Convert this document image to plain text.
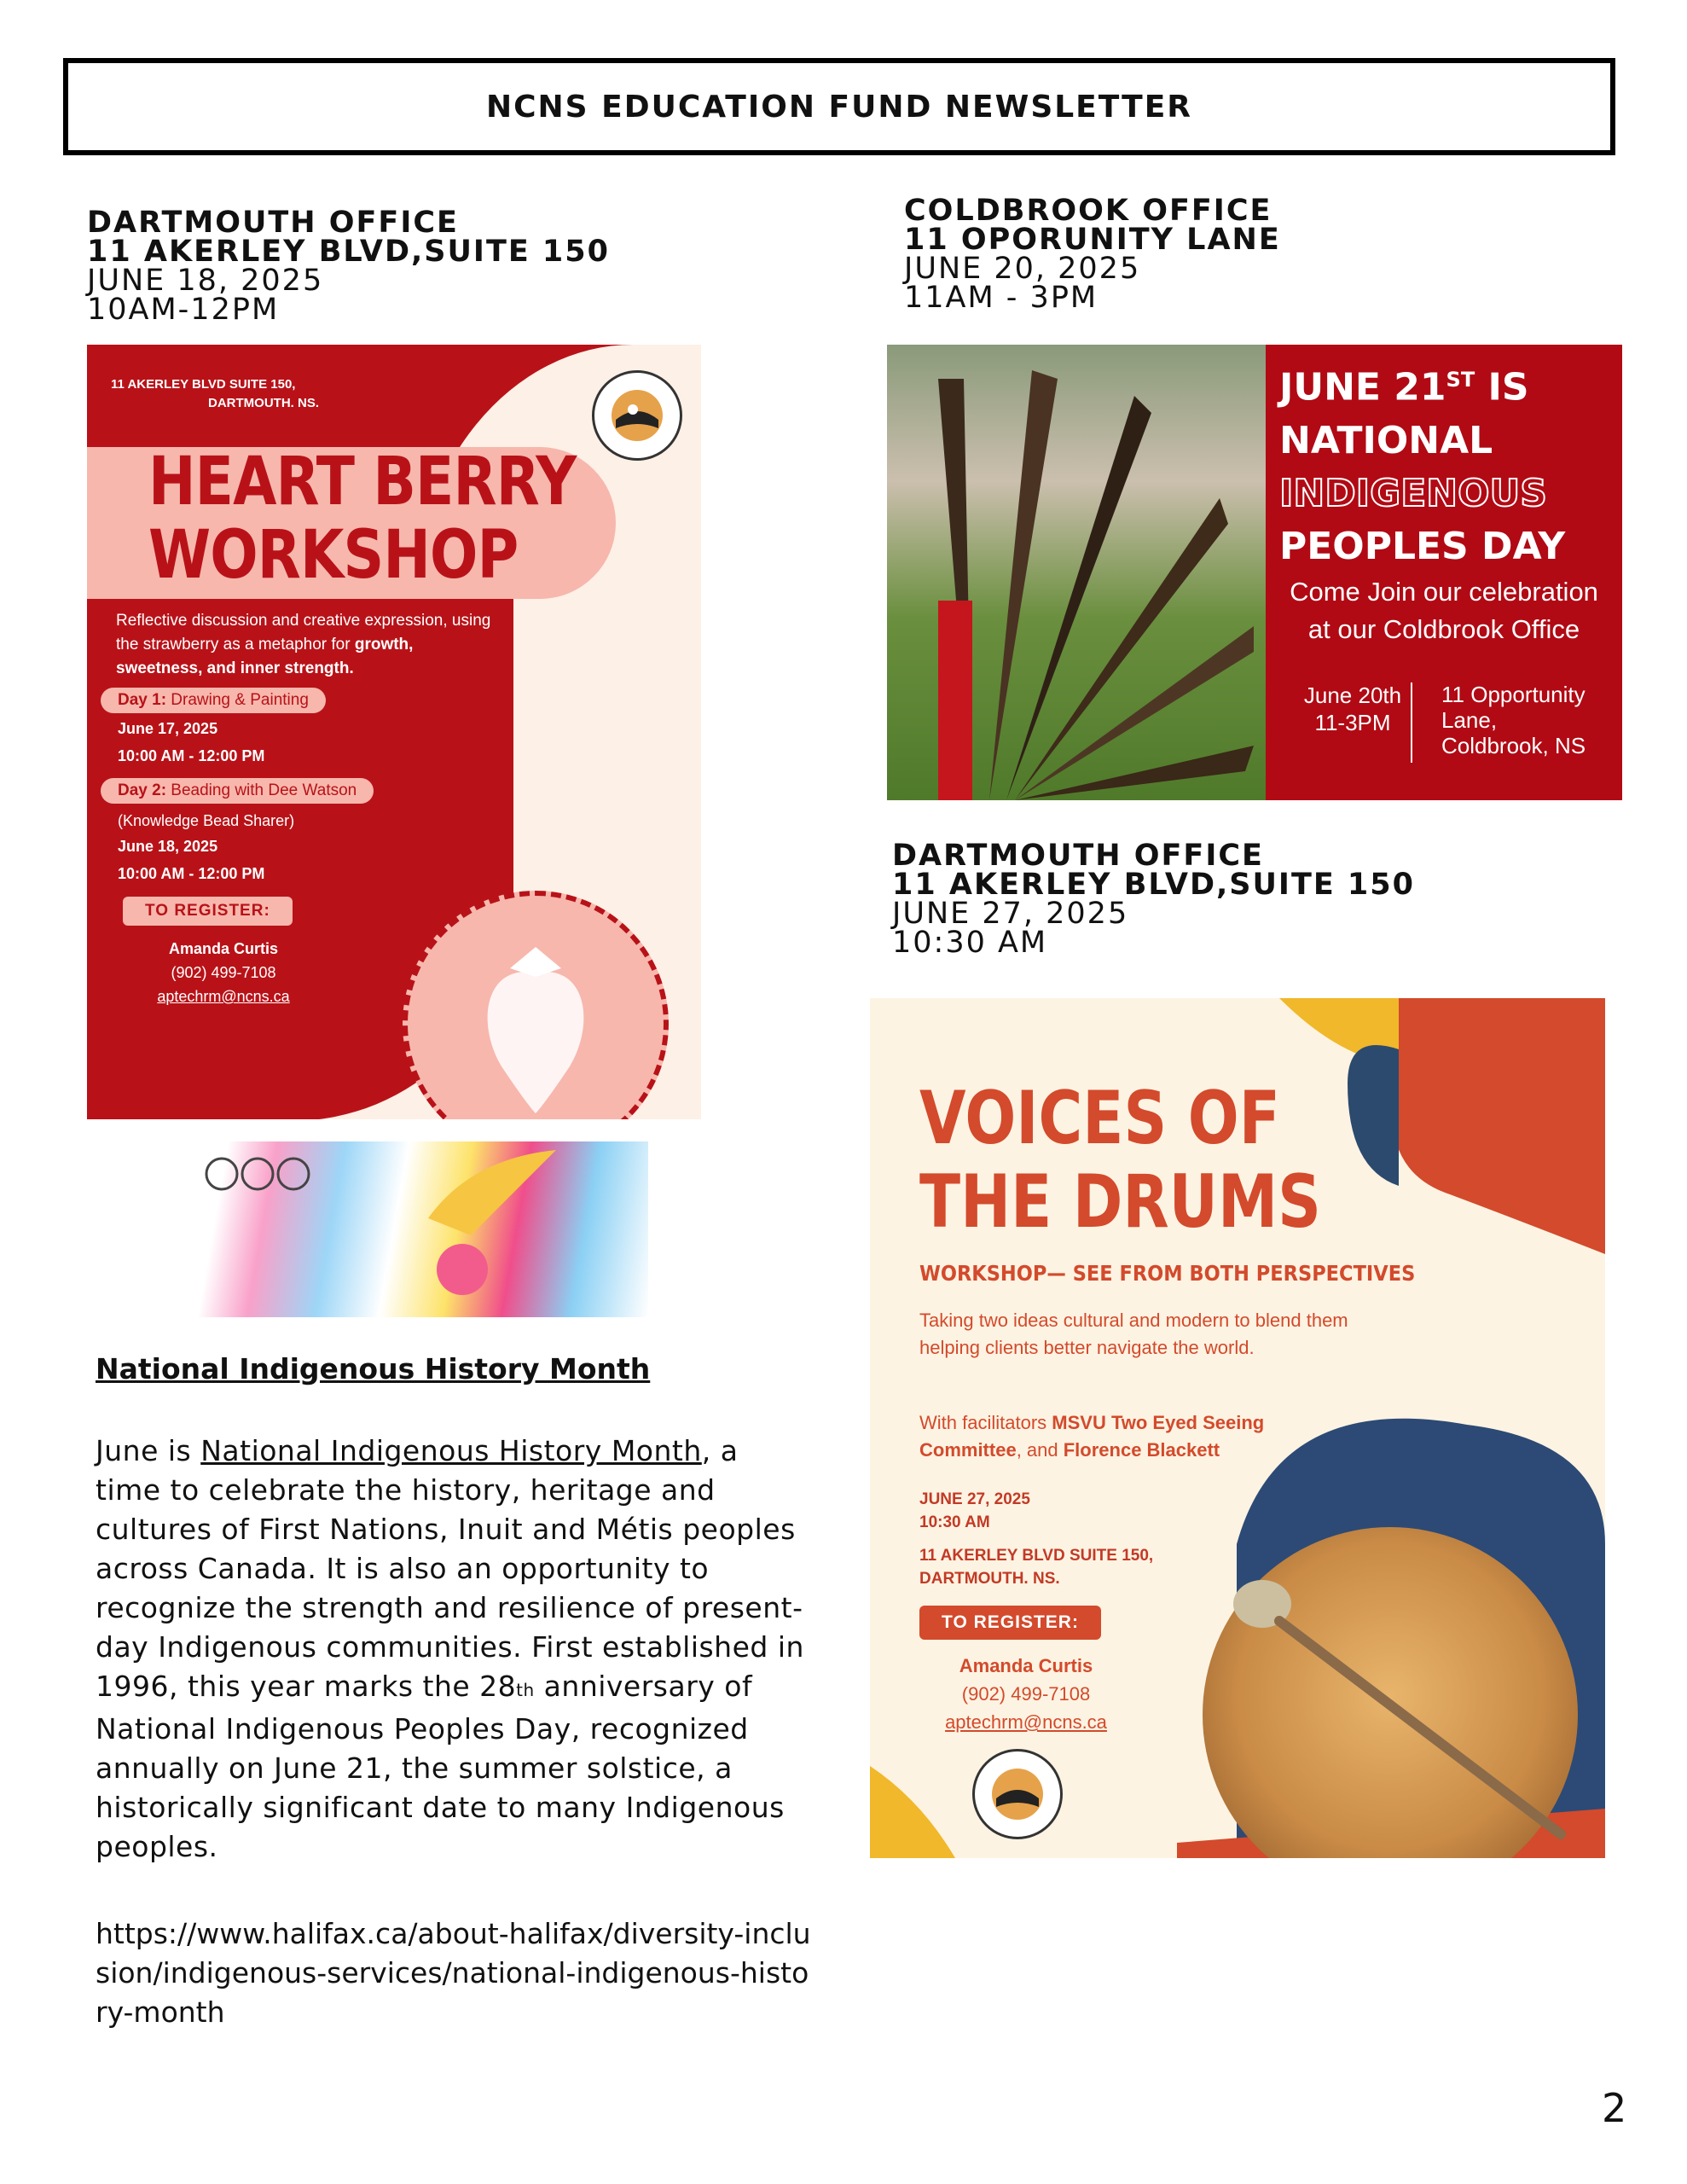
NCNS EDUCATION FUND NEWSLETTER
DARTMOUTH OFFICE
11 AKERLEY BLVD,SUITE 150
JUNE 18, 2025
10AM-12PM
COLDBROOK OFFICE
11 OPORUNITY LANE
JUNE 20, 2025
11AM - 3PM
DARTMOUTH OFFICE
11 AKERLEY BLVD,SUITE 150
JUNE 27, 2025
10:30 AM
11 AKERLEY BLVD SUITE 150,
DARTMOUTH. NS.
HEART BERRY
WORKSHOP
Reflective discussion and creative expression, using the strawberry as a metaphor for growth, sweetness, and inner strength.
Day 1: Drawing & Painting
June 17, 2025
10:00 AM - 12:00 PM
Day 2: Beading with Dee Watson
(Knowledge Bead Sharer)
June 18, 2025
10:00 AM - 12:00 PM
TO REGISTER:
Amanda Curtis
(902) 499-7108
aptechrm@ncns.ca
JUNE 21ST IS
NATIONAL
INDIGENOUS
PEOPLES DAY
Come Join our celebration
at our Coldbrook Office
June 20th
11-3PM
11 Opportunity
Lane,
Coldbrook, NS
VOICES OF
THE DRUMS
WORKSHOP— SEE FROM BOTH PERSPECTIVES
Taking two ideas cultural and modern to blend them helping clients better navigate the world.
With facilitators MSVU Two Eyed Seeing Committee, and Florence Blackett
JUNE 27, 2025
10:30 AM
11 AKERLEY BLVD SUITE 150,
DARTMOUTH. NS.
TO REGISTER:
Amanda Curtis
(902) 499-7108
aptechrm@ncns.ca
National Indigenous History Month
June is National Indigenous History Month, a time to celebrate the history, heritage and cultures of First Nations, Inuit and Métis peoples across Canada. It is also an opportunity to recognize the strength and resilience of present-day Indigenous communities. First established in 1996, this year marks the 28th anniversary of National Indigenous Peoples Day, recognized annually on June 21, the summer solstice, a historically significant date to many Indigenous peoples.
https://www.halifax.ca/about-halifax/diversity-inclusion/indigenous-services/national-indigenous-history-month
2
